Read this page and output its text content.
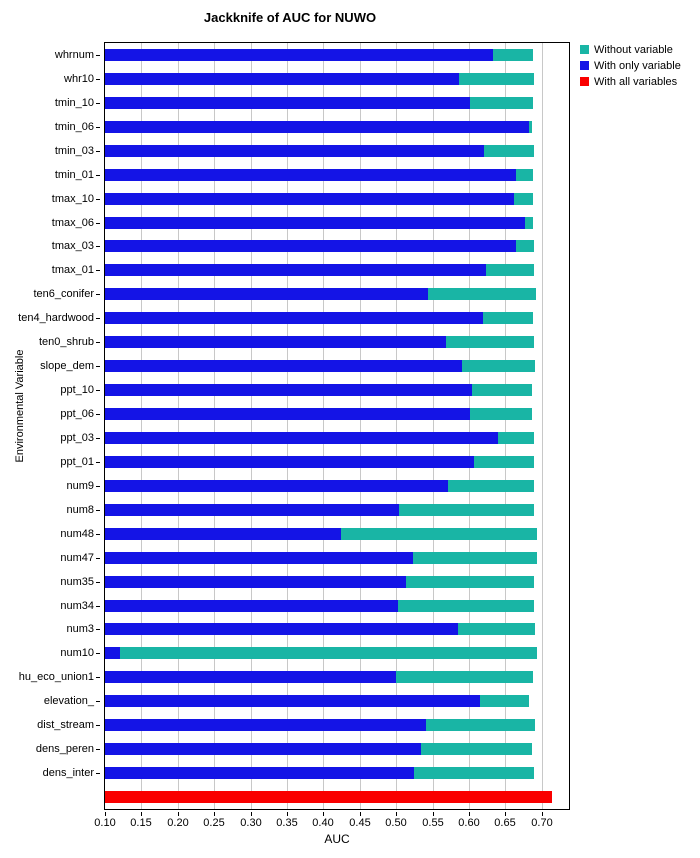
Jackknife of AUC for NUWO
Environmental Variable
whrnum
whr10
tmin_10
tmin_06
tmin_03
tmin_01
tmax_10
tmax_06
tmax_03
tmax_01
ten6_conifer
ten4_hardwood
ten0_shrub
slope_dem
ppt_10
ppt_06
ppt_03
ppt_01
num9
num8
num48
num47
num35
num34
num3
num10
hu_eco_union1
elevation_
dist_stream
dens_peren
dens_inter
0.10 0.15 0.20 0.25 0.30 0.35 0.40 0.45 0.50 0.55 0.60 0.65 0.70
AUC
Without variable
With only variable
With all variables
